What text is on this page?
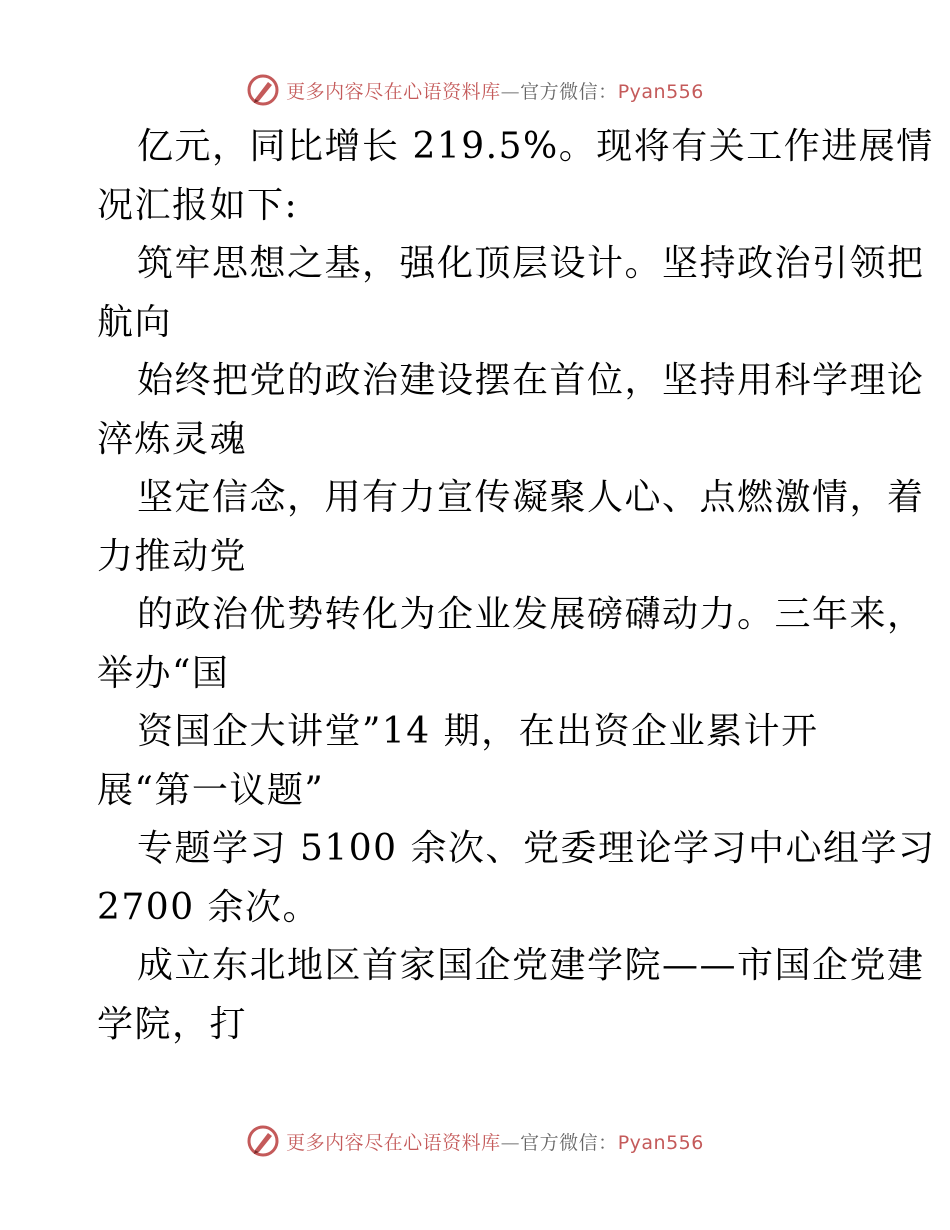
更多内容尽在心语资料库—官方微信：Pyan556
亿元，同比增长 219.5%。现将有关工作进展情
况汇报如下:
筑牢思想之基，强化顶层设计。坚持政治引领把
航向
始终把党的政治建设摆在首位，坚持用科学理论
淬炼灵魂
坚定信念，用有力宣传凝聚人心、点燃激情，着
力推动党
的政治优势转化为企业发展磅礴动力。三年来，
举办“国
资国企大讲堂”14 期，在出资企业累计开
展“第一议题”
专题学习 5100 余次、党委理论学习中心组学习
2700 余次。
成立东北地区首家国企党建学院——市国企党建
学院，打
更多内容尽在心语资料库—官方微信：Pyan556
